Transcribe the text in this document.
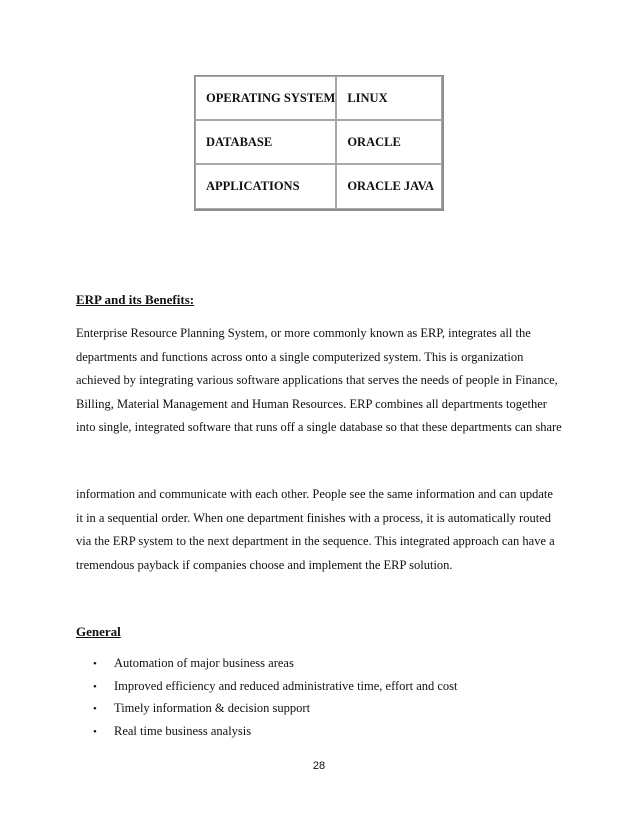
OPERATING SYSTEM	LINUX
DATABASE	ORACLE
APPLICATIONS	ORACLE JAVA
ERP and its Benefits:

Enterprise Resource Planning System, or more commonly known as ERP, integrates all the
departments and functions across onto a single computerized system. This is organization
achieved by integrating various software applications that serves the needs of people in Finance,
Billing, Material Management and Human Resources. ERP combines all departments together
into single, integrated software that runs off a single database so that these departments can share

information and communicate with each other. People see the same information and can update
it in a sequential order. When one department finishes with a process, it is automatically routed
via the ERP system to the next department in the sequence. This integrated approach can have a
tremendous payback if companies choose and implement the ERP solution.

General
• Automation of major business areas
• Improved efficiency and reduced administrative time, effort and cost
• Timely information & decision support
• Real time business analysis
28
